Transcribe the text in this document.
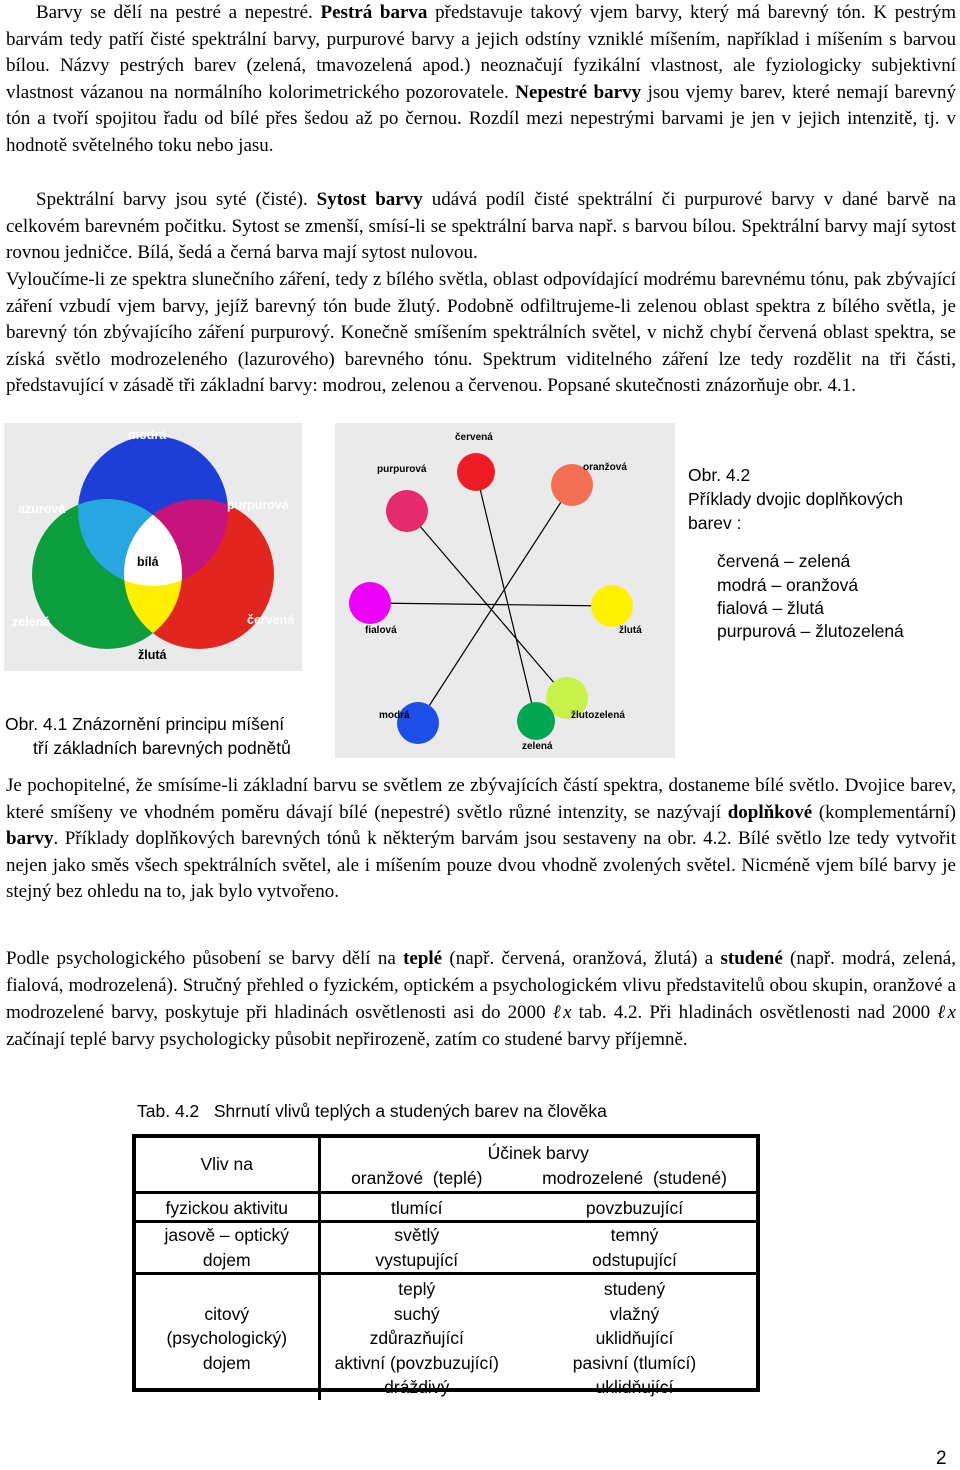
Barvy se dělí na pestré a nepestré. Pestrá barva představuje takový vjem barvy, který má barevný tón. K pestrým barvám tedy patří čisté spektrální barvy, purpurové barvy a jejich odstíny vzniklé míšením, například i míšením s barvou bílou. Názvy pestrých barev (zelená, tmavozelená apod.) neoznačují fyzikální vlastnost, ale fyziologicky subjektivní vlastnost vázanou na normálního kolorimetrického pozorovatele. Nepestré barvy jsou vjemy barev, které nemají barevný tón a tvoří spojitou řadu od bílé přes šedou až po černou. Rozdíl mezi nepestrými barvami je jen v jejich intenzitě, tj. v hodnotě světelného toku nebo jasu.
Spektrální barvy jsou syté (čisté). Sytost barvy udává podíl čisté spektrální či purpurové barvy v dané barvě na celkovém barevném počitku. Sytost se zmenší, smísí-li se spektrální barva např. s barvou bílou. Spektrální barvy mají sytost rovnou jedničce. Bílá, šedá a černá barva mají sytost nulovou.
Vyloučíme-li ze spektra slunečního záření, tedy z bílého světla, oblast odpovídající modrému barevnému tónu, pak zbývající záření vzbudí vjem barvy, jejíž barevný tón bude žlutý. Podobně odfiltrujeme-li zelenou oblast spektra z bílého světla, je barevný tón zbývajícího záření purpurový. Konečně smíšením spektrálních světel, v nichž chybí červená oblast spektra, se získá světlo modrozeleného (lazurového) barevného tónu. Spektrum viditelného záření lze tedy rozdělit na tři části, představující v zásadě tři základní barvy: modrou, zelenou a červenou. Popsané skutečnosti znázorňuje obr. 4.1.
modrá
azurová	purpurová
bílá
zelená	červená
žlutá
Obr. 4.1 Znázornění principu míšení
tří základních barevných podnětů
červená
oranžová
purpurová
fialová	žlutá
modrá	žlutozelená
zelená
Obr. 4.2
Příklady dvojic doplňkových
barev :
červená – zelená
modrá – oranžová
fialová – žlutá
purpurová – žlutozelená
Je pochopitelné, že smísíme-li základní barvu se světlem ze zbývajících částí spektra, dostaneme bílé světlo. Dvojice barev, které smíšeny ve vhodném poměru dávají bílé (nepestré) světlo různé intenzity, se nazývají doplňkové (komplementární) barvy. Příklady doplňkových barevných tónů k některým barvám jsou sestaveny na obr. 4.2. Bílé světlo lze tedy vytvořit nejen jako směs všech spektrálních světel, ale i míšením pouze dvou vhodně zvolených světel. Nicméně vjem bílé barvy je stejný bez ohledu na to, jak bylo vytvořeno.
Podle psychologického působení se barvy dělí na teplé (např. červená, oranžová, žlutá) a studené (např. modrá, zelená, fialová, modrozelená). Stručný přehled o fyzickém, optickém a psychologickém vlivu představitelů obou skupin, oranžové a modrozelené barvy, poskytuje při hladinách osvětlenosti asi do 2000 ℓx tab. 4.2. Při hladinách osvětlenosti nad 2000 ℓx začínají teplé barvy psychologicky působit nepřirozeně, zatím co studené barvy příjemně.
Tab. 4.2   Shrnutí vlivů teplých a studených barev na člověka
Vliv na	Účinek barvy	
	oranžové  (teplé)	modrozelené  (studené)
fyzickou aktivitu	tlumící	povzbuzující
jasově – optický	světlý	temný
dojem	vystupující	odstupující
	teplý	studený
citový	suchý	vlažný
(psychologický)	zdůrazňující	uklidňující
dojem	aktivní (povzbuzující)	pasivní (tlumící)
	dráždivý	uklidňující
2
